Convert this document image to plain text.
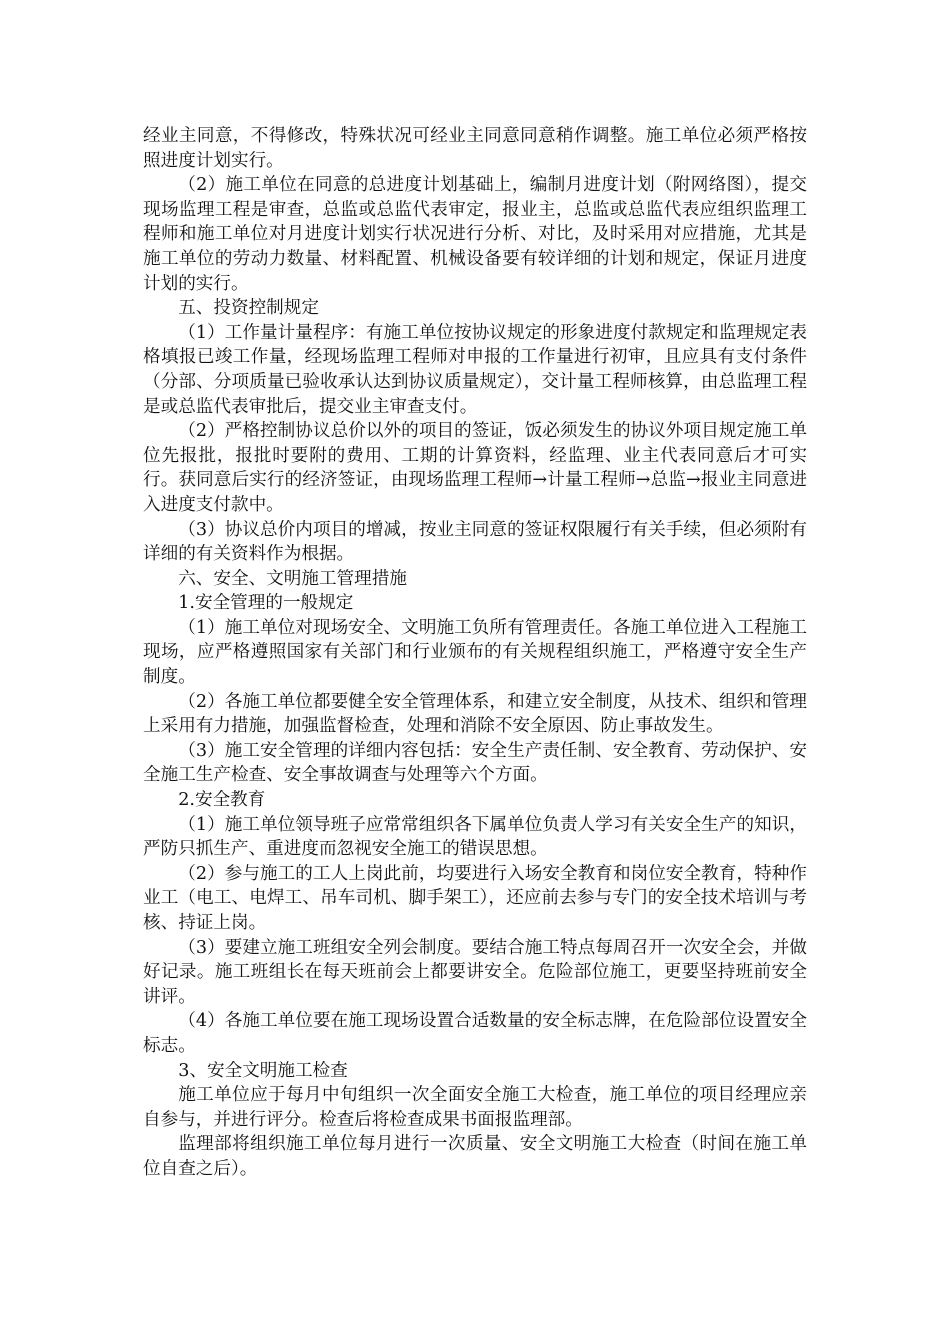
经业主同意，不得修改，特殊状况可经业主同意同意稍作调整。施工单位必须严格按照进度计划实行。

（2）施工单位在同意的总进度计划基础上，编制月进度计划（附网络图），提交现场监理工程是审查，总监或总监代表审定，报业主，总监或总监代表应组织监理工程师和施工单位对月进度计划实行状况进行分析、对比，及时采用对应措施，尤其是施工单位的劳动力数量、材料配置、机械设备要有较详细的计划和规定，保证月进度计划的实行。

五、投资控制规定

（1）工作量计量程序：有施工单位按协议规定的形象进度付款规定和监理规定表格填报已竣工作量，经现场监理工程师对申报的工作量进行初审，且应具有支付条件（分部、分项质量已验收承认达到协议质量规定），交计量工程师核算，由总监理工程是或总监代表审批后，提交业主审查支付。

（2）严格控制协议总价以外的项目的签证，饭必须发生的协议外项目规定施工单位先报批，报批时要附的费用、工期的计算资料，经监理、业主代表同意后才可实行。获同意后实行的经济签证，由现场监理工程师→计量工程师→总监→报业主同意进入进度支付款中。

（3）协议总价内项目的增减，按业主同意的签证权限履行有关手续，但必须附有详细的有关资料作为根据。

六、安全、文明施工管理措施

1.安全管理的一般规定

（1）施工单位对现场安全、文明施工负所有管理责任。各施工单位进入工程施工现场，应严格遵照国家有关部门和行业颁布的有关规程组织施工，严格遵守安全生产制度。

（2）各施工单位都要健全安全管理体系，和建立安全制度，从技术、组织和管理上采用有力措施，加强监督检查，处理和消除不安全原因、防止事故发生。

（3）施工安全管理的详细内容包括：安全生产责任制、安全教育、劳动保护、安全施工生产检查、安全事故调查与处理等六个方面。

2.安全教育

（1）施工单位领导班子应常常组织各下属单位负责人学习有关安全生产的知识，严防只抓生产、重进度而忽视安全施工的错误思想。

（2）参与施工的工人上岗此前，均要进行入场安全教育和岗位安全教育，特种作业工（电工、电焊工、吊车司机、脚手架工），还应前去参与专门的安全技术培训与考核、持证上岗。

（3）要建立施工班组安全列会制度。要结合施工特点每周召开一次安全会，并做好记录。施工班组长在每天班前会上都要讲安全。危险部位施工，更要坚持班前安全讲评。

（4）各施工单位要在施工现场设置合适数量的安全标志牌，在危险部位设置安全标志。

3、安全文明施工检查

施工单位应于每月中旬组织一次全面安全施工大检查，施工单位的项目经理应亲自参与，并进行评分。检查后将检查成果书面报监理部。

监理部将组织施工单位每月进行一次质量、安全文明施工大检查（时间在施工单位自查之后）。
